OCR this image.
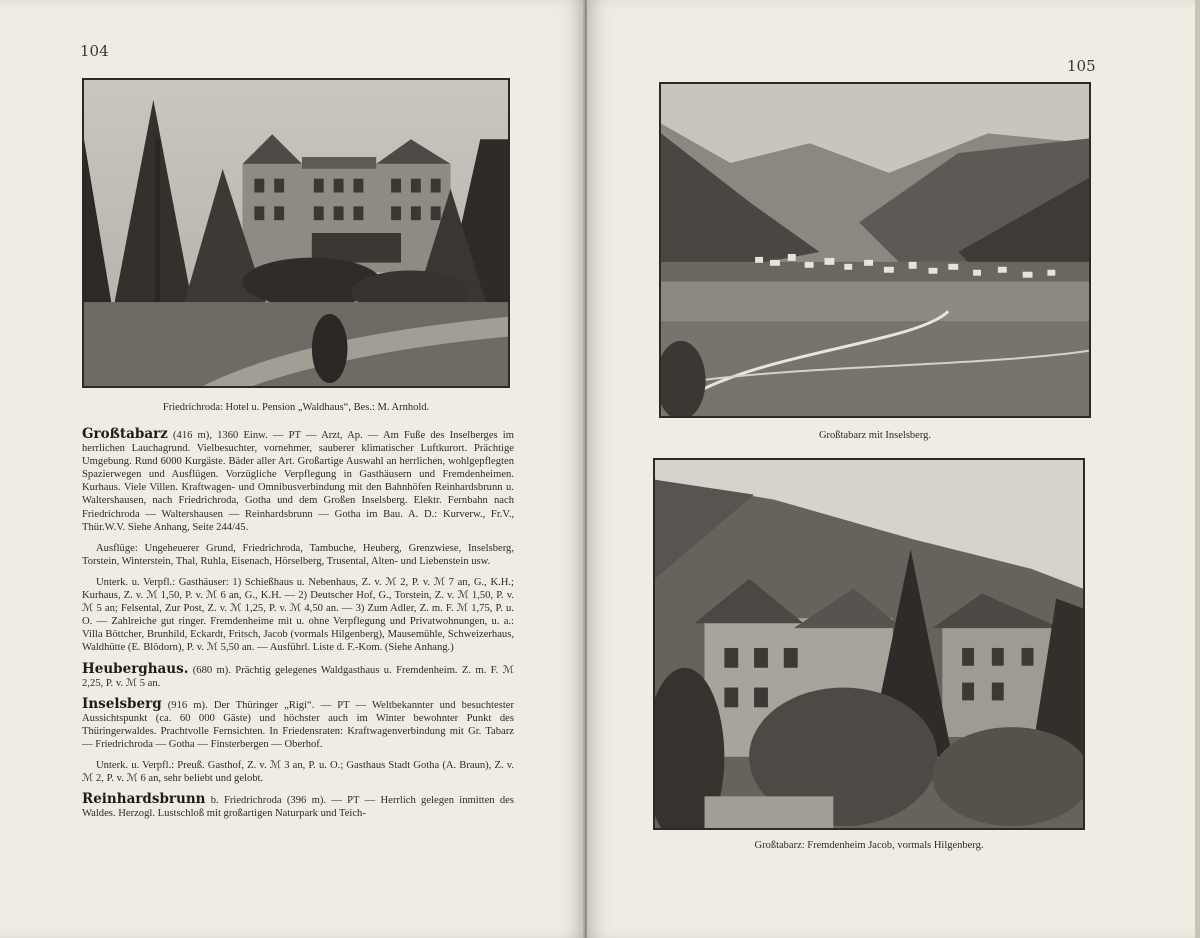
104
Friedrichroda: Hotel u. Pension „Waldhaus“, Bes.: M. Arnhold.

Großtabarz (416 m), 1360 Einw. — PT — Arzt, Ap. — Am Fuße des Inselberges im herrlichen Lauchagrund. Vielbesuchter, vornehmer, sauberer klimatischer Luftkurort. Prächtige Umgebung. Rund 6000 Kurgäste. Bäder aller Art. Großartige Auswahl an herrlichen, wohlgepflegten Spazierwegen und Ausflügen. Vorzügliche Verpflegung in Gasthäusern und Fremdenheimen. Kurhaus. Viele Villen. Kraftwagen- und Omnibusverbindung mit den Bahnhöfen Reinhardsbrunn u. Waltershausen, nach Friedrichroda, Gotha und dem Großen Inselsberg. Elektr. Fernbahn nach Friedrichroda — Waltershausen — Reinhardsbrunn — Gotha im Bau. A. D.: Kurverw., Fr.V., Thür.W.V. Siehe Anhang, Seite 244/45.

Ausflüge: Ungeheuerer Grund, Friedrichroda, Tambuche, Heuberg, Grenzwiese, Inselsberg, Torstein, Winterstein, Thal, Ruhla, Eisenach, Hörselberg, Trusental, Alten- und Liebenstein usw.

Unterk. u. Verpfl.: Gasthäuser: 1) Schießhaus u. Nebenhaus, Z. v. ℳ 2, P. v. ℳ 7 an, G., K.H.; Kurhaus, Z. v. ℳ 1,50, P. v. ℳ 6 an, G., K.H. — 2) Deutscher Hof, G., Torstein, Z. v. ℳ 1,50, P. v. ℳ 5 an; Felsental, Zur Post, Z. v. ℳ 1,25, P. v. ℳ 4,50 an. — 3) Zum Adler, Z. m. F. ℳ 1,75, P. u. O. — Zahlreiche gut ringer. Fremdenheime mit u. ohne Verpflegung und Privatwohnungen, u. a.: Villa Böttcher, Brunhild, Eckardt, Fritsch, Jacob (vormals Hilgenberg), Mausemühle, Schweizerhaus, Waldhütte (E. Blödorn), P. v. ℳ 5,50 an. — Ausführl. Liste d. F.-Kom. (Siehe Anhang.)

Heuberghaus. (680 m). Prächtig gelegenes Waldgasthaus u. Fremdenheim. Z. m. F. ℳ 2,25, P. v. ℳ 5 an.

Inselsberg (916 m). Der Thüringer „Rigi“. — PT — Weltbekannter und besuchtester Aussichtspunkt (ca. 60 000 Gäste) und höchster auch im Winter bewohnter Punkt des Thüringerwaldes. Prachtvolle Fernsichten. In Friedensraten: Kraftwagenverbindung mit Gr. Tabarz — Friedrichroda — Gotha — Finsterbergen — Oberhof.

Unterk. u. Verpfl.: Preuß. Gasthof, Z. v. ℳ 3 an, P. u. O.; Gasthaus Stadt Gotha (A. Braun), Z. v. ℳ 2, P. v. ℳ 6 an, sehr beliebt und gelobt.

Reinhardsbrunn b. Friedrichroda (396 m). — PT — Herrlich gelegen inmitten des Waldes. Herzogl. Lustschloß mit großartigen Naturpark und Teich-

105
Großtabarz mit Inselsberg.
Großtabarz: Fremdenheim Jacob, vormals Hilgenberg.
